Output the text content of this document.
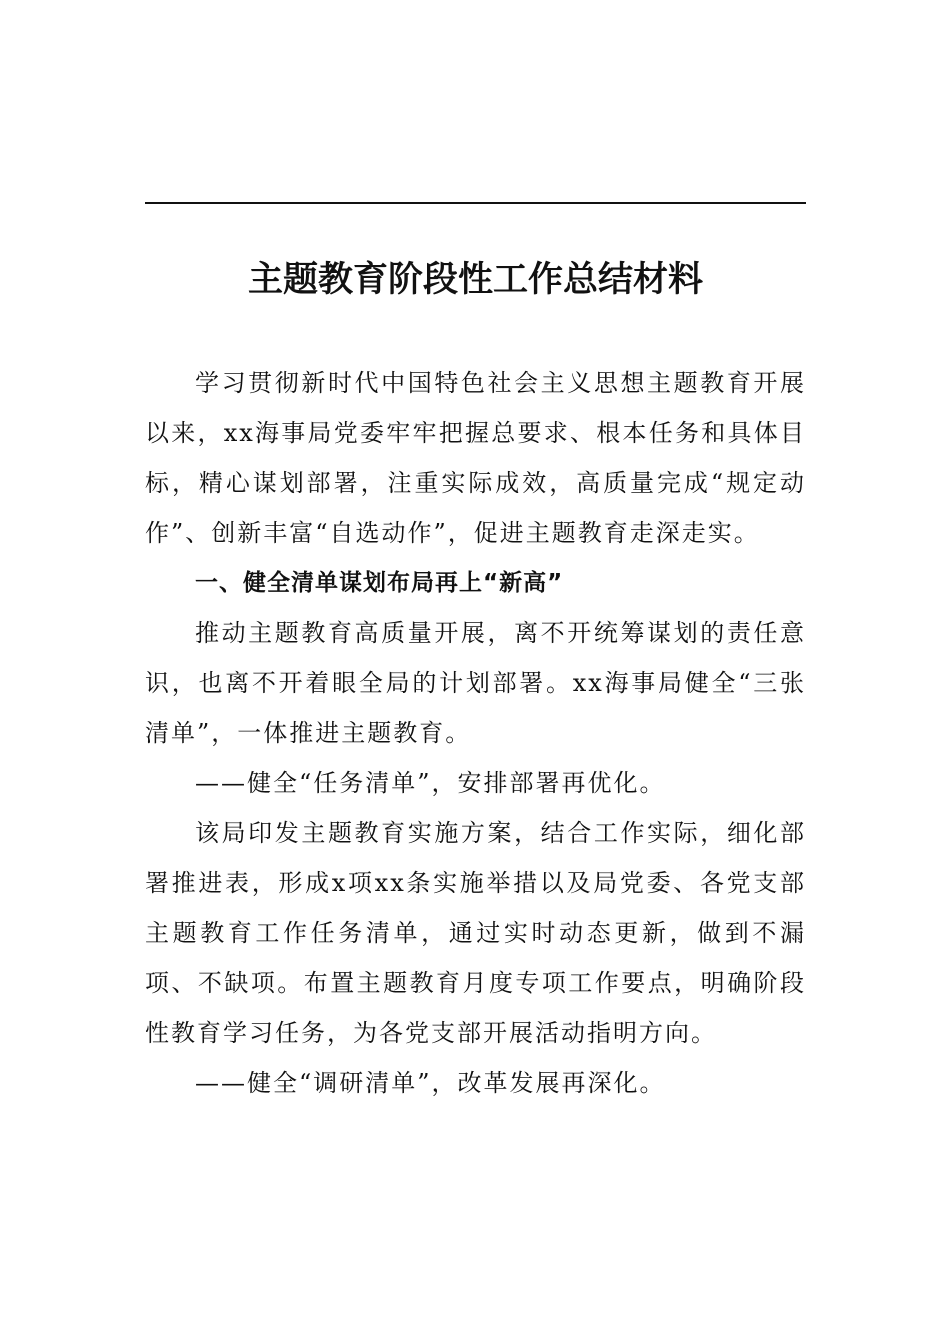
主题教育阶段性工作总结材料

学习贯彻新时代中国特色社会主义思想主题教育开展以来，xx海事局党委牢牢把握总要求、根本任务和具体目标，精心谋划部署，注重实际成效，高质量完成“规定动作”、创新丰富“自选动作”，促进主题教育走深走实。

一、健全清单谋划布局再上“新高”

推动主题教育高质量开展，离不开统筹谋划的责任意识，也离不开着眼全局的计划部署。xx海事局健全“三张清单”，一体推进主题教育。

——健全“任务清单”，安排部署再优化。

该局印发主题教育实施方案，结合工作实际，细化部署推进表，形成x项xx条实施举措以及局党委、各党支部主题教育工作任务清单，通过实时动态更新，做到不漏项、不缺项。布置主题教育月度专项工作要点，明确阶段性教育学习任务，为各党支部开展活动指明方向。

——健全“调研清单”，改革发展再深化。
